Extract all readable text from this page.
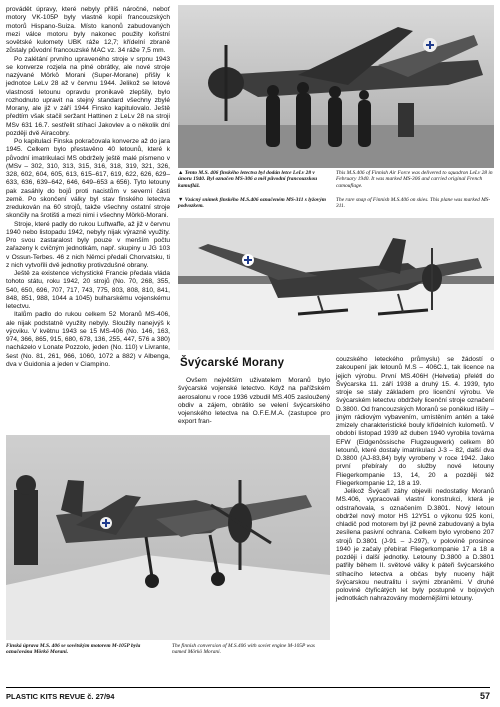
provádět úpravy, které nebyly příliš náročné, neboť motory VK-105P byly vlastně kopií francouzských motorů Hispano-Suiza. Místo kanonů zabudovaných mezi válce motoru byly nakonec použity kořistní sovětské kulomety UBK ráže 12,7; křídelní zbraně zůstaly původní francouzské MAC vz. 34 ráže 7,5 mm.

Po zalétání prvního upraveného stroje v srpnu 1943 se konverze rozjela na plné obrátky, ale nové stroje nazývané Mörkö Morani (Super-Morane) přišly k jednotce LeLv 28 až v červnu 1944. Jelikož se letové vlastnosti letounu opravdu pronikavě zlepšily, bylo rozhodnuto upravit na stejný standard všechny zbylé Morany, ale již v září 1944 Finsko kapitulovalo. Ještě předtím však stačil seržant Hattinen z LeLv 28 na stroji MSv 631 16.7. sestřelit stíhací Jakovlev a o několik dní později dvě Airacobry.

Po kapitulaci Finska pokračovala konverze až do jara 1945. Celkem bylo přestavěno 40 letounů, které k původní imatrikulaci MS obdržely ještě malé písmeno v (MSv – 302, 310, 313, 315, 316, 318, 319, 321, 326, 328, 602, 604, 605, 613, 615–617, 619, 622, 626, 629–633, 636, 639–642, 646, 649–653 a 656). Tyto letouny pak zasáhly do bojů proti nacistům v severní části země. Po skončení války byl stav finského letectva zredukován na 60 strojů, takže všechny ostatní stroje skončily na šrotišti a mezi nimi i všechny Mörkö-Morani.

Stroje, které padly do rukou Luftwaffe, až již v červnu 1940 nebo listopadu 1942, nebyly nijak výrazně využity. Pro svou zastaralost byly pouze v menším počtu zařazeny k cvičným jednotkám, např. skupiny u JG 103 v Ossun-Terbes. 46 z nich Němci předali Chorvatsku, ti z nich vytvořili dvě jednotky protivzdušné obrany.

Ještě za existence vichystické Francie předala vláda tohoto státu, roku 1942, 20 strojů (No. 70, 268, 355, 540, 650, 696, 707, 717, 743, 775, 803, 808, 810, 841, 848, 851, 988, 1044 a 1045) bulharskému vojenskému letectvu.

Italům padlo do rukou celkem 52 Moranů MS-406, ale nijak podstatně využity nebyly. Sloužily nanejvýš k výcviku. V květnu 1943 se 15 MS-406 (No. 146, 163, 974, 366, 865, 915, 680, 678, 136, 255, 447, 576 a 380) nacházelo v Lonate Pozzolo, jeden (No. 110) v Livrante, šest (No. 81, 261, 966, 1060, 1072 a 882) v Albenga, dva v Guidonia a jeden v Ciampino.

▲ Tento M.S. 406 finského letectva byl dodán letce LeLv 28 v únoru 1940. Byl označen MS-306 a měl původní francouzskou kamufláž.
▼ Vzácný snímek finského M.S.406 označeném MS-311 s lyžovým podvozkem.
This M.S.406 of Finnish Air Force was delivered to squadron LeLv 28 in February 1940. It was marked MS-306 and carried original French camouflage.
The rare snap of Finnish M.S.406 on skies. This plane was marked MS-311.
Švýcarské Morany

Ovšem největším uživatelem Moranů bylo švýcarské vojenské letectvo. Když na pařížském aerosalonu v roce 1936 vzbudil MS.405 zasloužený obdiv a zájem, obrátilo se velení švýcarského vojenského letectva na O.F.E.M.A. (zastupce pro export fran-

couzského leteckého průmyslu) se žádostí o zakoupení jak letounů M.S – 406C.1, tak licence na jejich výrobu. První MS.406H (Helvetia) přelétl do Švýcarska 11. září 1938 a druhý 15. 4. 1939, tyto stroje se staly základem pro licenční výrobu. Ve švýcarském letectvu obdržely licenční stroje označení D.3800. Od francouzských Moranů se poněkud lišily – jiným rádiovým vybavením, umístěním antén a také zmizely charakteristické bouly křídelních kulometů. V období listopad 1939 až duben 1940 vyrobila továrna EFW (Eidgenössische Flugzeugwerk) celkem 80 letounů, které dostaly imatrikulaci J-3 – 82, další dva D.3800 (AJ-83,84) byly vyrobeny v roce 1942. Jako první přebíraly do služby nové letouny Fliegerkompanie 13, 14, 20 a později též Fliegerkompanie 12, 18 a 19.

Jelikož Švýcaři záhy objevili nedostatky Moranů MS.406, vypracovali vlastní konstrukci, která je odstraňovala, s označením D.3801. Nový letoun obdržel nový motor HS 12Y51 o výkonu 925 koní, chladič pod motorem byl již pevně zabudovaný a byla zesílena pasivní ochrana. Celkem bylo vyrobeno 207 strojů D.3801 (J-91 – J-297), v polovině prosince 1940 je začaly přebírat Fliegerkompanie 17 a 18 a později i další jednotky. Letouny D.3800 a D.3801 patřily během II. světové války k páteři švýcarského stíhacího letectva a občas byly nuceny hájit švýcarskou neutralitu i svými zbraněmi. V druhé polovině čtyřicátých let byly postupně v bojových jednotkách nahrazovány modernějšími letouny.

Finská úprava M.S. 406 se sovětským motorem M-105P byla označována Mörkö Morani.
The finnish conversion of M.S.406 with soviet engine M-105P was named Mörkö Morani.
PLASTIC KITS REVUE č. 27/94	57
